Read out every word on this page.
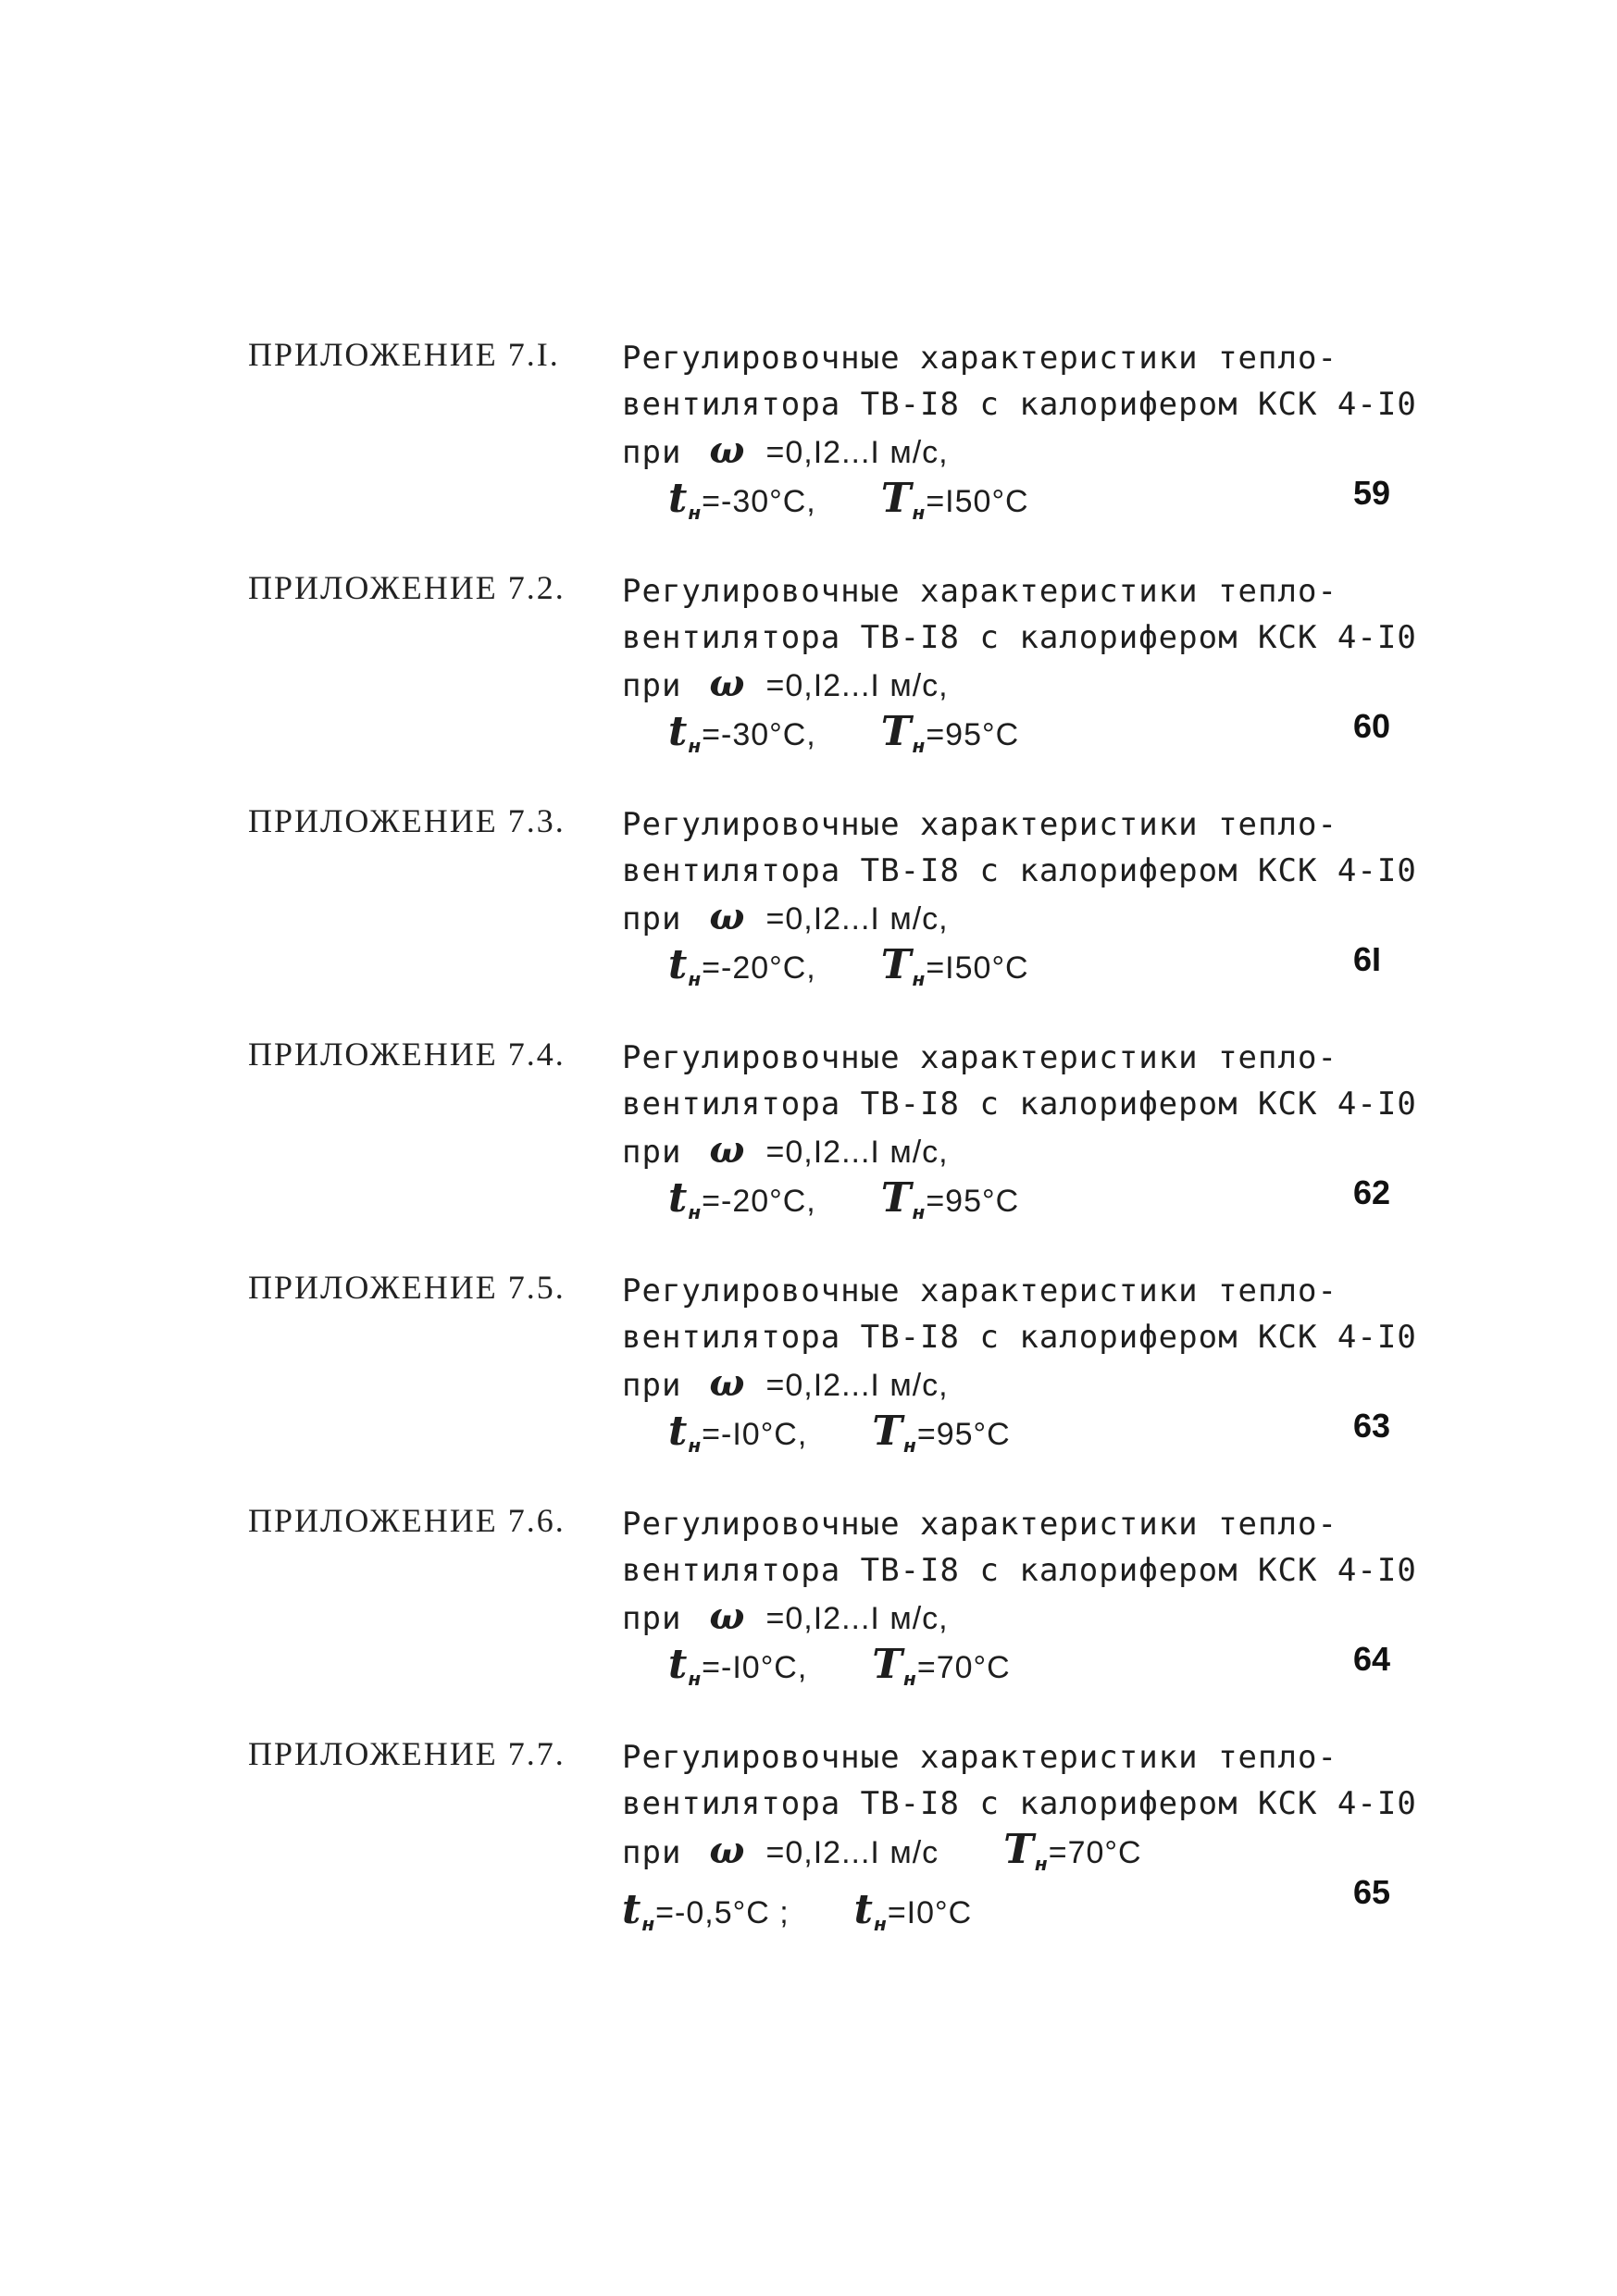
ПРИЛОЖЕНИЕ 7.I. Регулировочные характеристики тепло-
вентилятора ТВ-I8 с калорифером КСК 4-I0
при ω =0,I2...I м/с,
$t_н=-30^\circ С$, $T_н=I50^\circ С$	59
ПРИЛОЖЕНИЕ 7.2. Регулировочные характеристики тепло-
вентилятора ТВ-I8 с калорифером КСК 4-I0
при ω =0,I2...I м/с,
$t_н=-30^\circ С$, $T_н=95^\circ С$	60
ПРИЛОЖЕНИЕ 7.3. Регулировочные характеристики тепло-
вентилятора ТВ-I8 с калорифером КСК 4-I0
при ω =0,I2...I м/с,
$t_н=-20^\circ С$, $T_н=I50^\circ С$	6I
ПРИЛОЖЕНИЕ 7.4. Регулировочные характеристики тепло-
вентилятора ТВ-I8 с калорифером КСК 4-I0
при ω =0,I2...I м/с,
$t_н=-20^\circ С$, $T_н=95^\circ С$	62
ПРИЛОЖЕНИЕ 7.5. Регулировочные характеристики тепло-
вентилятора ТВ-I8 с калорифером КСК 4-I0
при ω =0,I2...I м/с,
$t_н=-I0^\circ С$, $T_н=95^\circ С$	63
ПРИЛОЖЕНИЕ 7.6. Регулировочные характеристики тепло-
вентилятора ТВ-I8 с калорифером КСК 4-I0
при ω =0,I2...I м/с,
$t_н=-I0^\circ С$, $T_н=70^\circ С$	64
ПРИЛОЖЕНИЕ 7.7. Регулировочные характеристики тепло-
вентилятора ТВ-I8 с калорифером КСК 4-I0
при ω =0,I2...I м/с $T_н=70^\circ С$
$t_н=-0,5^\circ С$ ; $t_н=I0^\circ С$
65
